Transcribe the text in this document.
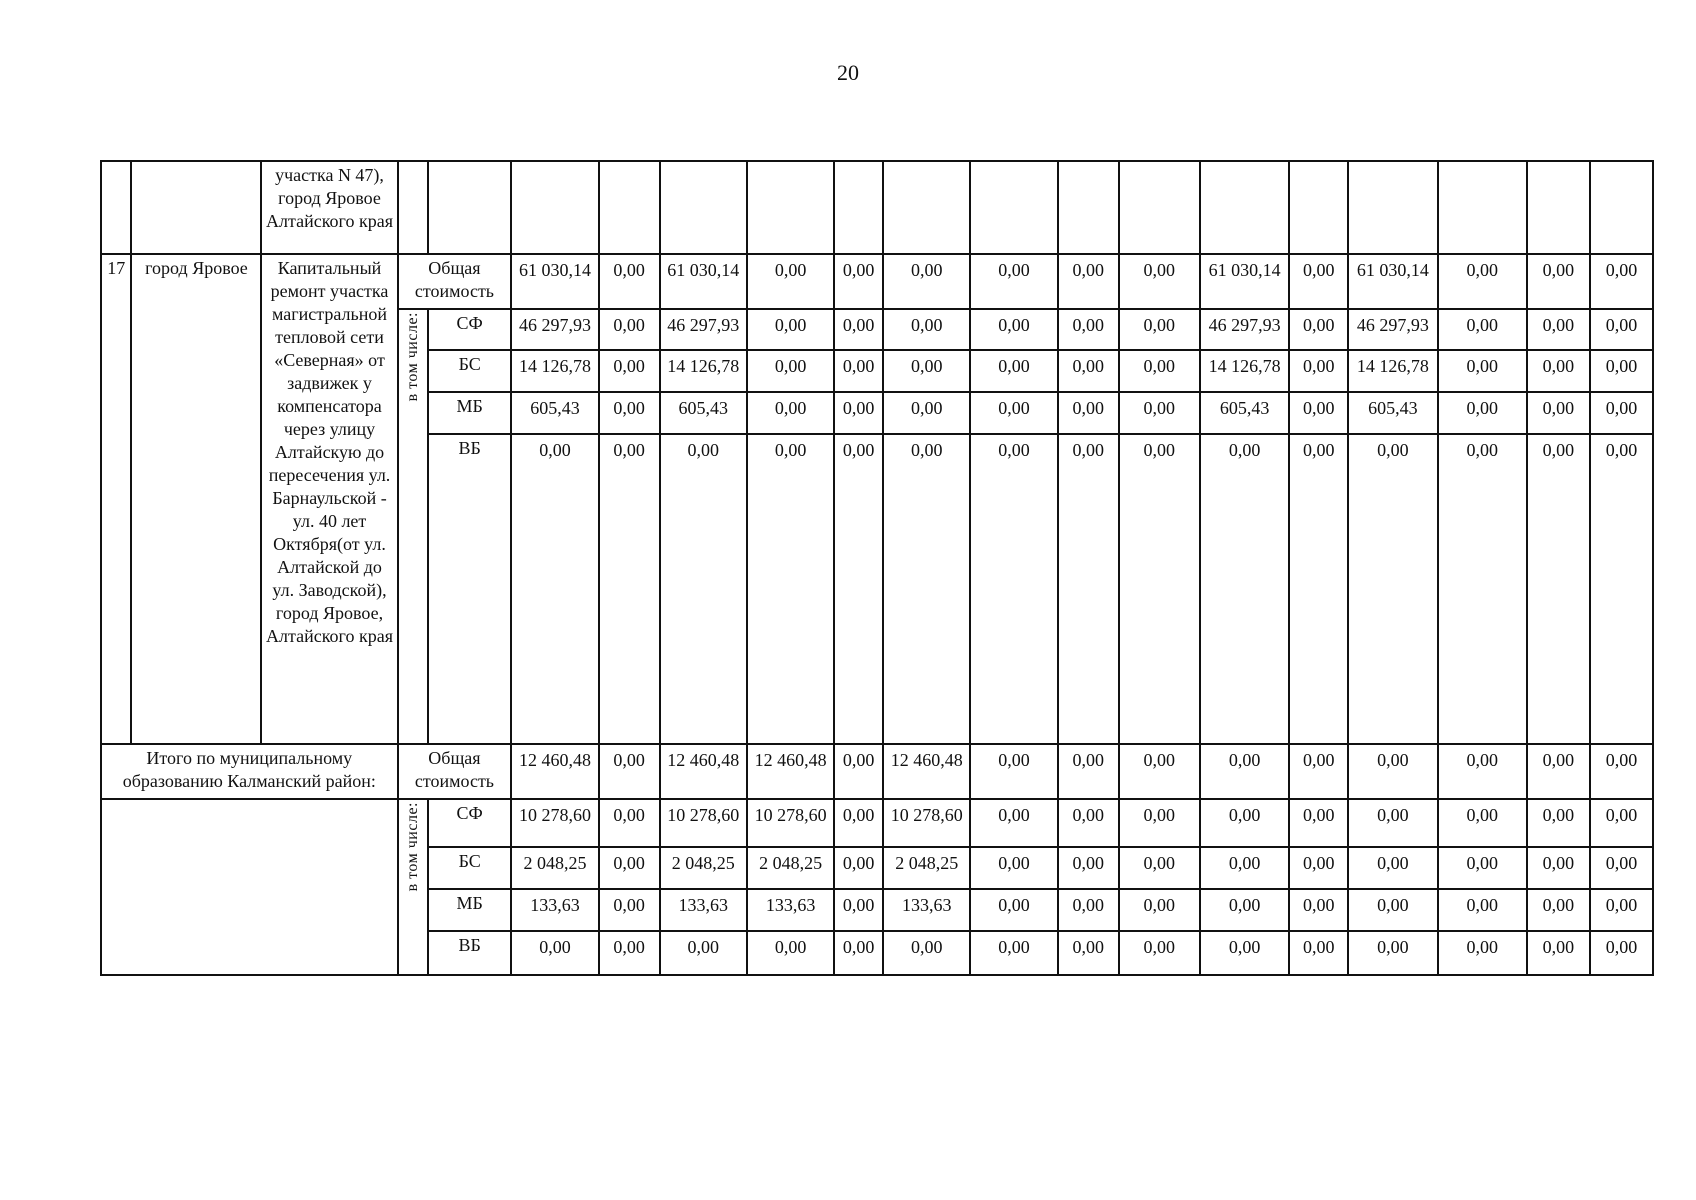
20
		участка N 47), город Яровое Алтайского края																	
17	город Яровое	Капитальный ремонт участка магистральной тепловой сети «Северная» от задвижек у компенсатора через улицу Алтайскую до пересечения ул. Барнаульской - ул. 40 лет Октября(от ул. Алтайской до ул. Заводской), город Яровое, Алтайского края	Общая стоимость		61 030,14	0,00	61 030,14	0,00	0,00	0,00	0,00	0,00	0,00	61 030,14	0,00	61 030,14	0,00	0,00	0,00
			в том числе:	СФ	46 297,93	0,00	46 297,93	0,00	0,00	0,00	0,00	0,00	0,00	46 297,93	0,00	46 297,93	0,00	0,00	0,00
				БС	14 126,78	0,00	14 126,78	0,00	0,00	0,00	0,00	0,00	0,00	14 126,78	0,00	14 126,78	0,00	0,00	0,00
				МБ	605,43	0,00	605,43	0,00	0,00	0,00	0,00	0,00	0,00	605,43	0,00	605,43	0,00	0,00	0,00
				ВБ	0,00	0,00	0,00	0,00	0,00	0,00	0,00	0,00	0,00	0,00	0,00	0,00	0,00	0,00	0,00
Итого по муниципальному образованию Калманский район:			Общая стоимость		12 460,48	0,00	12 460,48	12 460,48	0,00	12 460,48	0,00	0,00	0,00	0,00	0,00	0,00	0,00	0,00	0,00
			в том числе:	СФ	10 278,60	0,00	10 278,60	10 278,60	0,00	10 278,60	0,00	0,00	0,00	0,00	0,00	0,00	0,00	0,00	0,00
				БС	2 048,25	0,00	2 048,25	2 048,25	0,00	2 048,25	0,00	0,00	0,00	0,00	0,00	0,00	0,00	0,00	0,00
				МБ	133,63	0,00	133,63	133,63	0,00	133,63	0,00	0,00	0,00	0,00	0,00	0,00	0,00	0,00	0,00
				ВБ	0,00	0,00	0,00	0,00	0,00	0,00	0,00	0,00	0,00	0,00	0,00	0,00	0,00	0,00	0,00
